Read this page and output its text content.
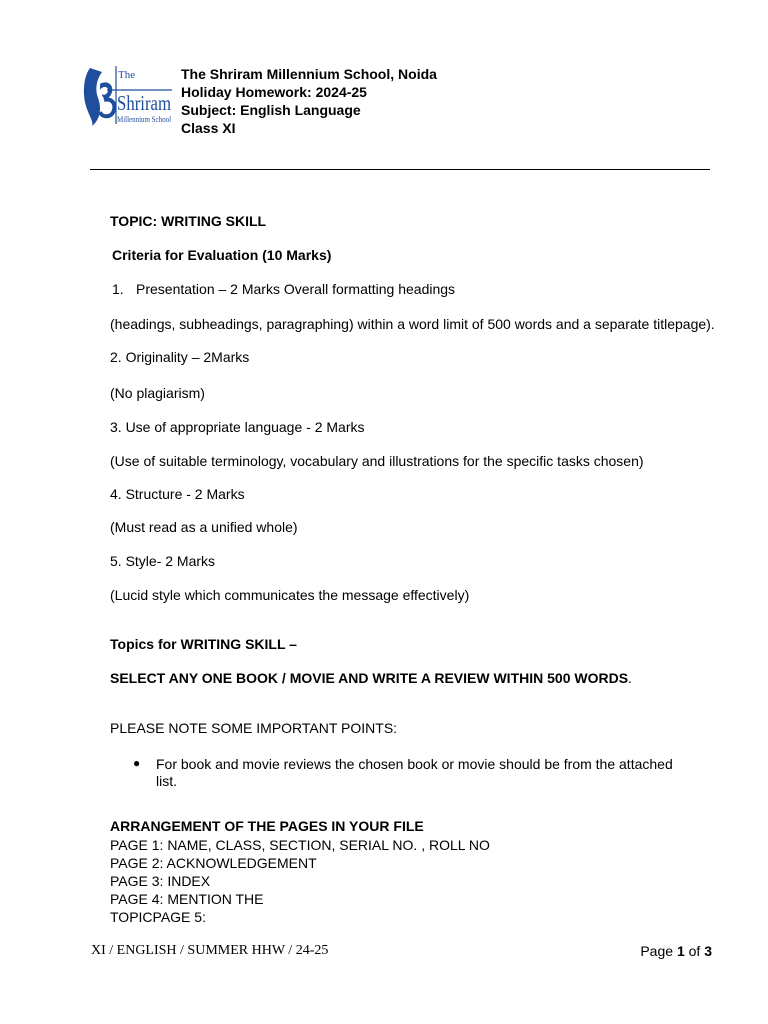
The
Shriram
Millennium School
The Shriram Millennium School, Noida
Holiday Homework: 2024-25
Subject: English Language
Class XI
TOPIC: WRITING SKILL
Criteria for Evaluation (10 Marks)
1. Presentation – 2 Marks Overall formatting headings
(headings, subheadings, paragraphing) within a word limit of 500 words and a separate titlepage).
2. Originality – 2Marks
(No plagiarism)
3. Use of appropriate language - 2 Marks
(Use of suitable terminology, vocabulary and illustrations for the specific tasks chosen)
4. Structure - 2 Marks
(Must read as a unified whole)
5. Style- 2 Marks
(Lucid style which communicates the message effectively)
Topics for WRITING SKILL –
SELECT ANY ONE BOOK / MOVIE AND WRITE A REVIEW WITHIN 500 WORDS.
PLEASE NOTE SOME IMPORTANT POINTS:
● For book and movie reviews the chosen book or movie should be from the attached
list.
ARRANGEMENT OF THE PAGES IN YOUR FILE
PAGE 1: NAME, CLASS, SECTION, SERIAL NO. , ROLL NO
PAGE 2: ACKNOWLEDGEMENT
PAGE 3: INDEX
PAGE 4: MENTION THE
TOPICPAGE 5:
XI / ENGLISH / SUMMER HHW / 24-25	Page 1 of 3
